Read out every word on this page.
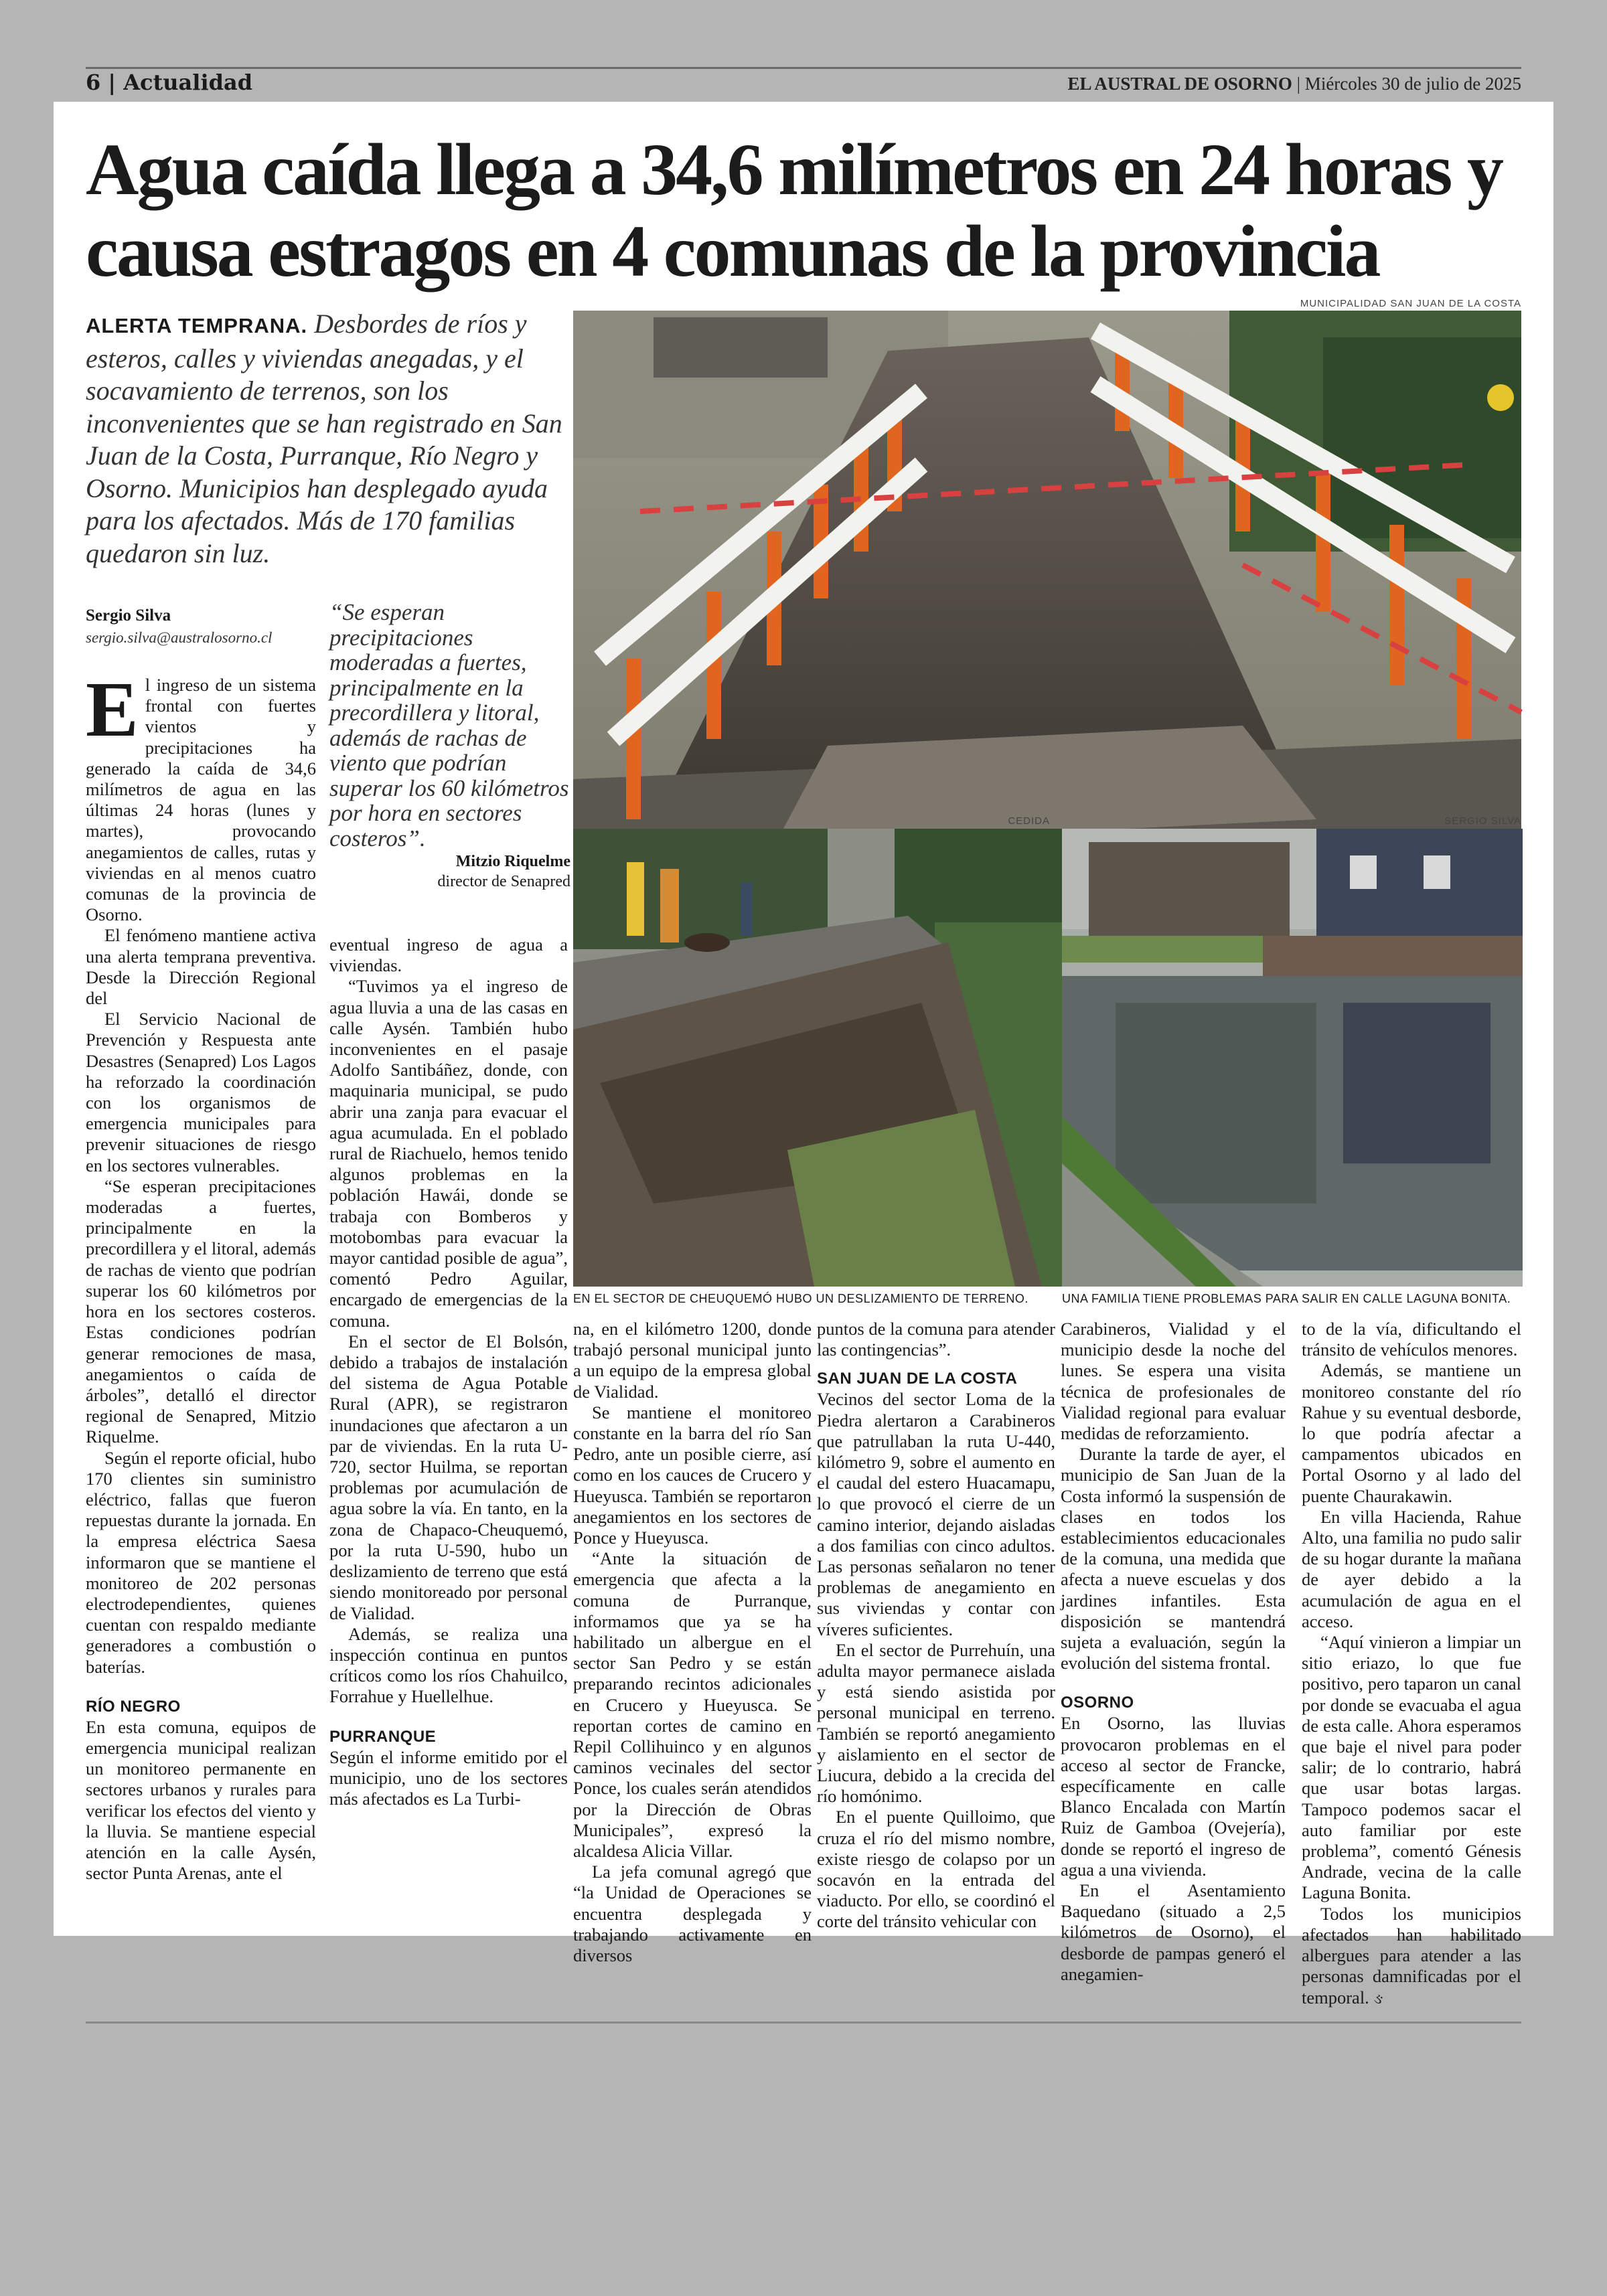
6 | Actualidad	EL AUSTRAL DE OSORNO | Miércoles 30 de julio de 2025
Agua caída llega a 34,6 milímetros en 24 horas y causa estragos en 4 comunas de la provincia

ALERTA TEMPRANA. Desbordes de ríos y esteros, calles y viviendas anegadas, y el socavamiento de terrenos, son los inconvenientes que se han registrado en San Juan de la Costa, Purranque, Río Negro y Osorno. Municipios han desplegado ayuda para los afectados. Más de 170 familias quedaron sin luz.

Sergio Silva
sergio.silva@australosorno.cl

“Se esperan precipitaciones moderadas a fuertes, principalmente en la precordillera y litoral, además de rachas de viento que podrían superar los 60 kilómetros por hora en sectores costeros”.

Mitzio Riquelme
director de Senapred

El ingreso de un sistema frontal con fuertes vientos y precipitaciones ha generado la caída de 34,6 milímetros de agua en las últimas 24 horas (lunes y martes), provocando anegamientos de calles, rutas y viviendas en al menos cuatro comunas de la provincia de Osorno.

El fenómeno mantiene activa una alerta temprana preventiva. Desde la Dirección Regional del

El Servicio Nacional de Prevención y Respuesta ante Desastres (Senapred) Los Lagos ha reforzado la coordinación con los organismos de emergencia municipales para prevenir situaciones de riesgo en los sectores vulnerables.

“Se esperan precipitaciones moderadas a fuertes, principalmente en la precordillera y el litoral, además de rachas de viento que podrían superar los 60 kilómetros por hora en los sectores costeros. Estas condiciones podrían generar remociones de masa, anegamientos o caída de árboles”, detalló el director regional de Senapred, Mitzio Riquelme.

Según el reporte oficial, hubo 170 clientes sin suministro eléctrico, fallas que fueron repuestas durante la jornada. En la empresa eléctrica Saesa informaron que se mantiene el monitoreo de 202 personas electrodependientes, quienes cuentan con respaldo mediante generadores a combustión o baterías.

RÍO NEGRO

En esta comuna, equipos de emergencia municipal realizan un monitoreo permanente en sectores urbanos y rurales para verificar los efectos del viento y la lluvia. Se mantiene especial atención en la calle Aysén, sector Punta Arenas, ante el

eventual ingreso de agua a viviendas.

“Tuvimos ya el ingreso de agua lluvia a una de las casas en calle Aysén. También hubo inconvenientes en el pasaje Adolfo Santibáñez, donde, con maquinaria municipal, se pudo abrir una zanja para evacuar el agua acumulada. En el poblado rural de Riachuelo, hemos tenido algunos problemas en la población Hawái, donde se trabaja con Bomberos y motobombas para evacuar la mayor cantidad posible de agua”, comentó Pedro Aguilar, encargado de emergencias de la comuna.

En el sector de El Bolsón, debido a trabajos de instalación del sistema de Agua Potable Rural (APR), se registraron inundaciones que afectaron a un par de viviendas. En la ruta U-720, sector Huilma, se reportan problemas por acumulación de agua sobre la vía. En tanto, en la zona de Chapaco-Cheuquemó, por la ruta U-590, hubo un deslizamiento de terreno que está siendo monitoreado por personal de Vialidad.

Además, se realiza una inspección continua en puntos críticos como los ríos Chahuilco, Forrahue y Huellelhue.

PURRANQUE

Según el informe emitido por el municipio, uno de los sectores más afectados es La Turbi-

MUNICIPALIDAD SAN JUAN DE LA COSTA
CEDIDA
EN EL SECTOR DE CHEUQUEMÓ HUBO UN DESLIZAMIENTO DE TERRENO.
SERGIO SILVA
UNA FAMILIA TIENE PROBLEMAS PARA SALIR EN CALLE LAGUNA BONITA.

na, en el kilómetro 1200, donde trabajó personal municipal junto a un equipo de la empresa global de Vialidad.

Se mantiene el monitoreo constante en la barra del río San Pedro, ante un posible cierre, así como en los cauces de Crucero y Hueyusca. También se reportaron anegamientos en los sectores de Ponce y Hueyusca.

“Ante la situación de emergencia que afecta a la comuna de Purranque, informamos que ya se ha habilitado un albergue en el sector San Pedro y se están preparando recintos adicionales en Crucero y Hueyusca. Se reportan cortes de camino en Repil Collihuinco y en algunos caminos vecinales del sector Ponce, los cuales serán atendidos por la Dirección de Obras Municipales”, expresó la alcaldesa Alicia Villar.

La jefa comunal agregó que “la Unidad de Operaciones se encuentra desplegada y trabajando activamente en diversos

puntos de la comuna para atender las contingencias”.

SAN JUAN DE LA COSTA

Vecinos del sector Loma de la Piedra alertaron a Carabineros que patrullaban la ruta U-440, kilómetro 9, sobre el aumento en el caudal del estero Huacamapu, lo que provocó el cierre de un camino interior, dejando aisladas a dos familias con cinco adultos. Las personas señalaron no tener problemas de anegamiento en sus viviendas y contar con víveres suficientes.

En el sector de Purrehuín, una adulta mayor permanece aislada y está siendo asistida por personal municipal en terreno. También se reportó anegamiento y aislamiento en el sector de Liucura, debido a la crecida del río homónimo.

En el puente Quilloimo, que cruza el río del mismo nombre, existe riesgo de colapso por un socavón en la entrada del viaducto. Por ello, se coordinó el corte del tránsito vehicular con

Carabineros, Vialidad y el municipio desde la noche del lunes. Se espera una visita técnica de profesionales de Vialidad regional para evaluar medidas de reforzamiento.

Durante la tarde de ayer, el municipio de San Juan de la Costa informó la suspensión de clases en todos los establecimientos educacionales de la comuna, una medida que afecta a nueve escuelas y dos jardines infantiles. Esta disposición se mantendrá sujeta a evaluación, según la evolución del sistema frontal.

OSORNO

En Osorno, las lluvias provocaron problemas en el acceso al sector de Francke, específicamente en calle Blanco Encalada con Martín Ruiz de Gamboa (Ovejería), donde se reportó el ingreso de agua a una vivienda.

En el Asentamiento Baquedano (situado a 2,5 kilómetros de Osorno), el desborde de pampas generó el anegamien-

to de la vía, dificultando el tránsito de vehículos menores.

Además, se mantiene un monitoreo constante del río Rahue y su eventual desborde, lo que podría afectar a campamentos ubicados en Portal Osorno y al lado del puente Chaurakawin.

En villa Hacienda, Rahue Alto, una familia no pudo salir de su hogar durante la mañana de ayer debido a la acumulación de agua en el acceso.

“Aquí vinieron a limpiar un sitio eriazo, lo que fue positivo, pero taparon un canal por donde se evacuaba el agua de esta calle. Ahora esperamos que baje el nivel para poder salir; de lo contrario, habrá que usar botas largas. Tampoco podemos sacar el auto familiar por este problema”, comentó Génesis Andrade, vecina de la calle Laguna Bonita.

Todos los municipios afectados han habilitado albergues para atender a las personas damnificadas por el temporal. ઙ
